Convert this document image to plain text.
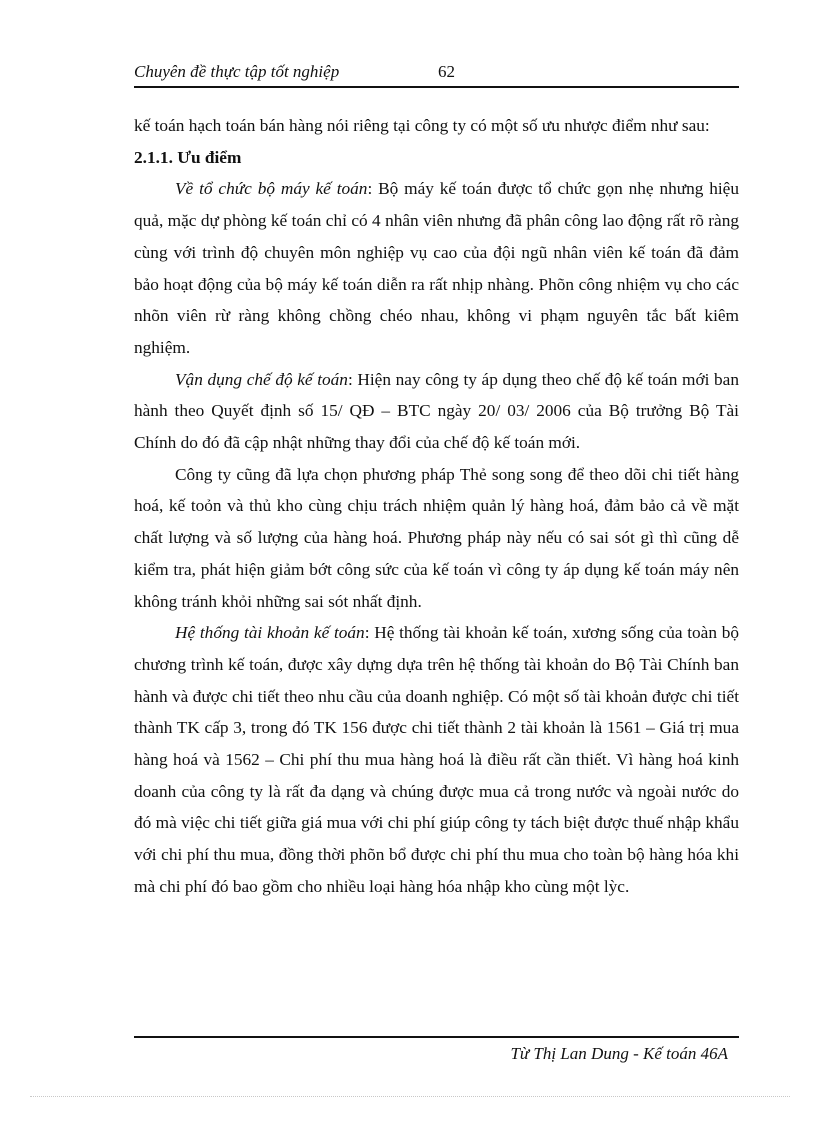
Chuyên đề thực tập tốt nghiệp	62

kế toán hạch toán bán hàng nói riêng tại công ty có một số ưu nhược điểm như sau:

2.1.1. Ưu điểm

Về tổ chức bộ máy kế toán: Bộ máy kế toán được tổ chức gọn nhẹ nhưng hiệu quả, mặc dự phòng kế toán chỉ có 4 nhân viên nhưng đã phân công lao động rất rõ ràng cùng với trình độ chuyên môn nghiệp vụ cao của đội ngũ nhân viên kế toán đã đảm bảo hoạt động của bộ máy kế toán diễn ra rất nhịp nhàng. Phõn công nhiệm vụ cho các nhõn viên rừ ràng không chồng chéo nhau, không vi phạm nguyên tắc bất kiêm nghiệm.

Vận dụng chế độ kế toán: Hiện nay công ty áp dụng theo chế độ kế toán mới ban hành theo Quyết định số 15/ QĐ – BTC ngày 20/ 03/ 2006 của Bộ trưởng Bộ Tài Chính do đó đã cập nhật những thay đổi của chế độ kế toán mới.

Công ty cũng đã lựa chọn phương pháp Thẻ song song để theo dõi chi tiết hàng hoá, kế toỏn và thủ kho cùng chịu trách nhiệm quản lý hàng hoá, đảm bảo cả về mặt chất lượng và số lượng của hàng hoá. Phương pháp này nếu có sai sót gì thì cũng dễ kiểm tra, phát hiện giảm bớt công sức của kế toán vì công ty áp dụng kế toán máy nên không tránh khỏi những sai sót nhất định.

Hệ thống tài khoản kế toán: Hệ thống tài khoản kế toán, xương sống của toàn bộ chương trình kế toán, được xây dựng dựa trên hệ thống tài khoản do Bộ Tài Chính ban hành và được chi tiết theo nhu cầu của doanh nghiệp. Có một số tài khoản được chi tiết thành TK cấp 3, trong đó TK 156 được chi tiết thành 2 tài khoản là 1561 – Giá trị mua hàng hoá và 1562 – Chi phí thu mua hàng hoá là điều rất cần thiết. Vì hàng hoá kinh doanh của công ty là rất đa dạng và chúng được mua cả trong nước và ngoài nước do đó mà việc chi tiết giữa giá mua với chi phí giúp công ty tách biệt được thuế nhập khẩu với chi phí thu mua, đồng thời phõn bổ được chi phí thu mua cho toàn bộ hàng hóa khi mà chi phí đó bao gồm cho nhiều loại hàng hóa nhập kho cùng một lỳc.

Từ Thị Lan Dung - Kế toán 46A
